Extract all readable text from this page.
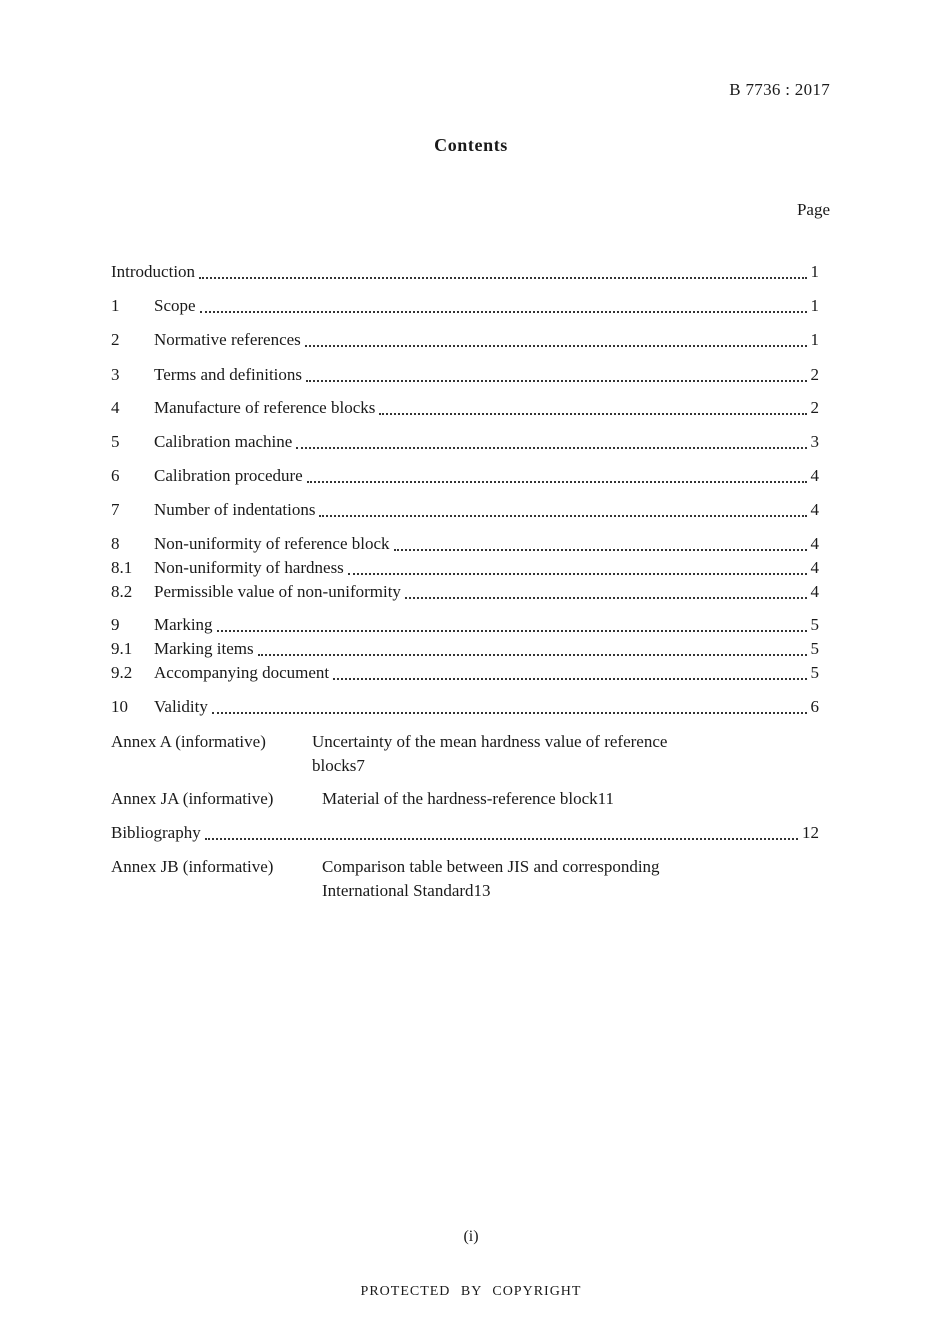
B 7736 : 2017
Contents
Page
Introduction	1
1	Scope	1
2	Normative references	1
3	Terms and definitions	2
4	Manufacture of reference blocks	2
5	Calibration machine	3
6	Calibration procedure	4
7	Number of indentations	4
8	Non-uniformity of reference block	4
8.1	Non-uniformity of hardness	4
8.2	Permissible value of non-uniformity	4
9	Marking	5
9.1	Marking items	5
9.2	Accompanying document	5
10	Validity	6
Annex A (informative)	Uncertainty of the mean hardness value of reference
blocks 7
Annex JA (informative)	Material of the hardness-reference block 11
Bibliography	12
Annex JB (informative)	Comparison table between JIS and corresponding
International Standard 13
(i)
PROTECTED BY COPYRIGHT
